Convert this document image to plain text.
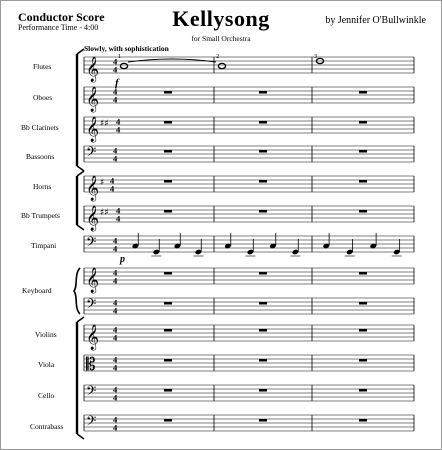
Conductor Score
Performance Time - 4:00	Kellysong
for Small Orchestra
by Jennifer O'Bullwinkle
Slowly, with sophistication
Flutes
Oboes
Bb Clarinets
Bassoons
Horns
Bb Trumpets
Timpani
Keyboard
Violins
Viola
Cello
Contrabass
𝄞 4
4
𝄞 4
4
𝄞 ♯♯ 4
4
𝄢 4
4
𝄞 ♯ 4
4
𝄞 ♯♯ 4
4
𝄢 4
4
𝄞 4
4
𝄢 4
4
𝄞 4
4
𝄡 4
4
𝄢 4
4
𝄢 4
4
1	2	3
f
p
